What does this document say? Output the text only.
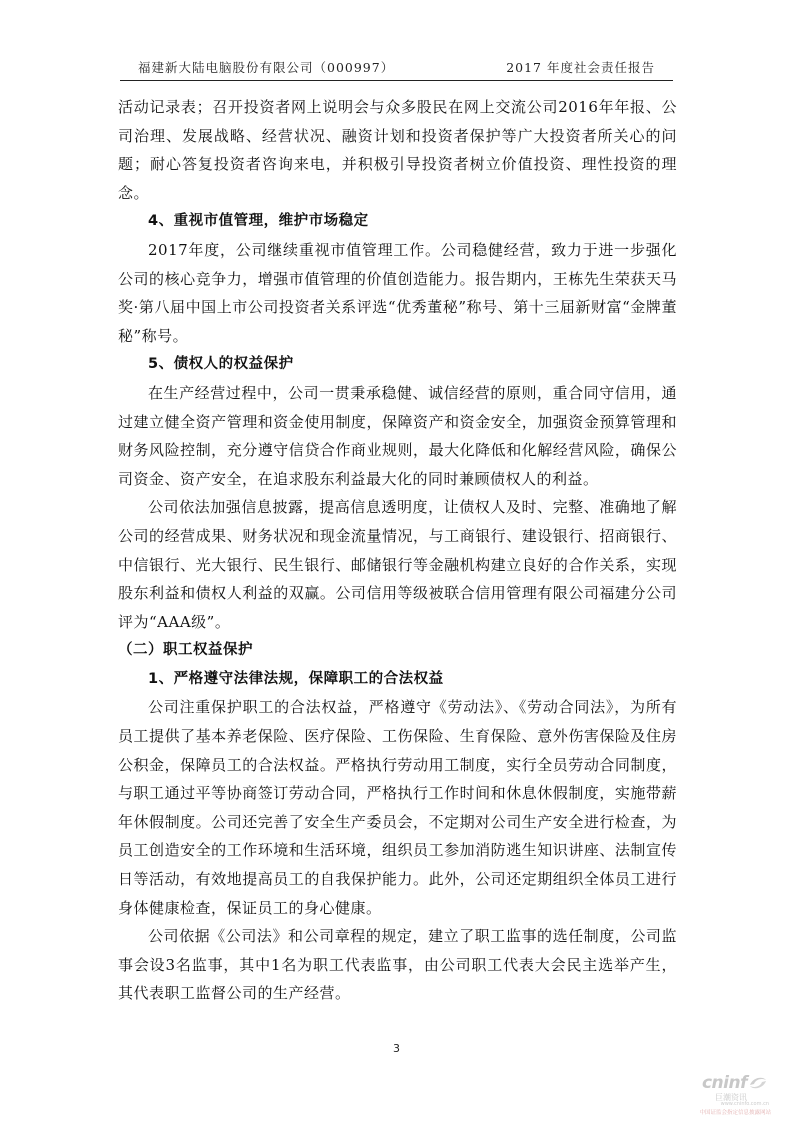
福建新大陆电脑股份有限公司（000997）	2017 年度社会责任报告

活动记录表；召开投资者网上说明会与众多股民在网上交流公司2016年年报、公司治理、发展战略、经营状况、融资计划和投资者保护等广大投资者所关心的问题；耐心答复投资者咨询来电，并积极引导投资者树立价值投资、理性投资的理念。

4、重视市值管理，维护市场稳定

2017年度，公司继续重视市值管理工作。公司稳健经营，致力于进一步强化公司的核心竞争力，增强市值管理的价值创造能力。报告期内，王栋先生荣获天马奖·第八届中国上市公司投资者关系评选“优秀董秘”称号、第十三届新财富“金牌董秘”称号。

5、债权人的权益保护

在生产经营过程中，公司一贯秉承稳健、诚信经营的原则，重合同守信用，通过建立健全资产管理和资金使用制度，保障资产和资金安全，加强资金预算管理和财务风险控制，充分遵守信贷合作商业规则，最大化降低和化解经营风险，确保公司资金、资产安全，在追求股东利益最大化的同时兼顾债权人的利益。

公司依法加强信息披露，提高信息透明度，让债权人及时、完整、准确地了解公司的经营成果、财务状况和现金流量情况，与工商银行、建设银行、招商银行、中信银行、光大银行、民生银行、邮储银行等金融机构建立良好的合作关系，实现股东利益和债权人利益的双赢。公司信用等级被联合信用管理有限公司福建分公司评为“AAA级”。

（二）职工权益保护

1、严格遵守法律法规，保障职工的合法权益

公司注重保护职工的合法权益，严格遵守《劳动法》、《劳动合同法》，为所有员工提供了基本养老保险、医疗保险、工伤保险、生育保险、意外伤害保险及住房公积金，保障员工的合法权益。严格执行劳动用工制度，实行全员劳动合同制度，与职工通过平等协商签订劳动合同，严格执行工作时间和休息休假制度，实施带薪年休假制度。公司还完善了安全生产委员会，不定期对公司生产安全进行检查，为员工创造安全的工作环境和生活环境，组织员工参加消防逃生知识讲座、法制宣传日等活动，有效地提高员工的自我保护能力。此外，公司还定期组织全体员工进行身体健康检查，保证员工的身心健康。

公司依据《公司法》和公司章程的规定，建立了职工监事的选任制度，公司监事会设3名监事，其中1名为职工代表监事，由公司职工代表大会民主选举产生，其代表职工监督公司的生产经营。

3
cninf
巨潮资讯
www.cninfo.com.cn
中国证监会指定信息披露网站
